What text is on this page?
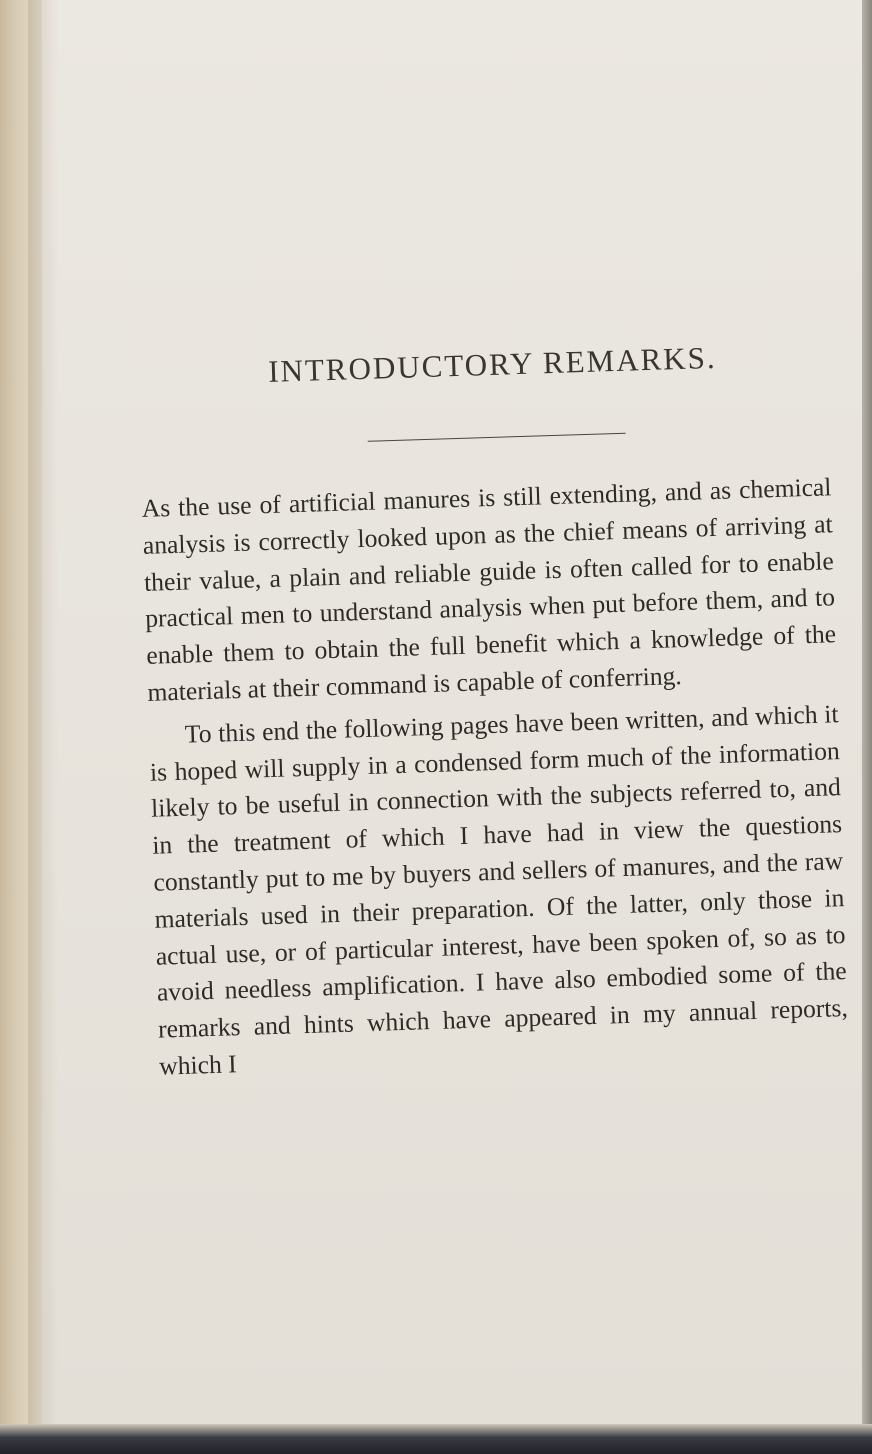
INTRODUCTORY REMARKS.

As the use of artificial manures is still extending, and as chemical analysis is correctly looked upon as the chief means of arriving at their value, a plain and reliable guide is often called for to enable practical men to understand analysis when put before them, and to enable them to obtain the full benefit which a knowledge of the materials at their command is capable of conferring.

To this end the following pages have been written, and which it is hoped will supply in a condensed form much of the information likely to be useful in connection with the subjects referred to, and in the treatment of which I have had in view the questions constantly put to me by buyers and sellers of manures, and the raw materials used in their preparation. Of the latter, only those in actual use, or of particular interest, have been spoken of, so as to avoid needless amplification. I have also embodied some of the remarks and hints which have appeared in my annual reports, which I
